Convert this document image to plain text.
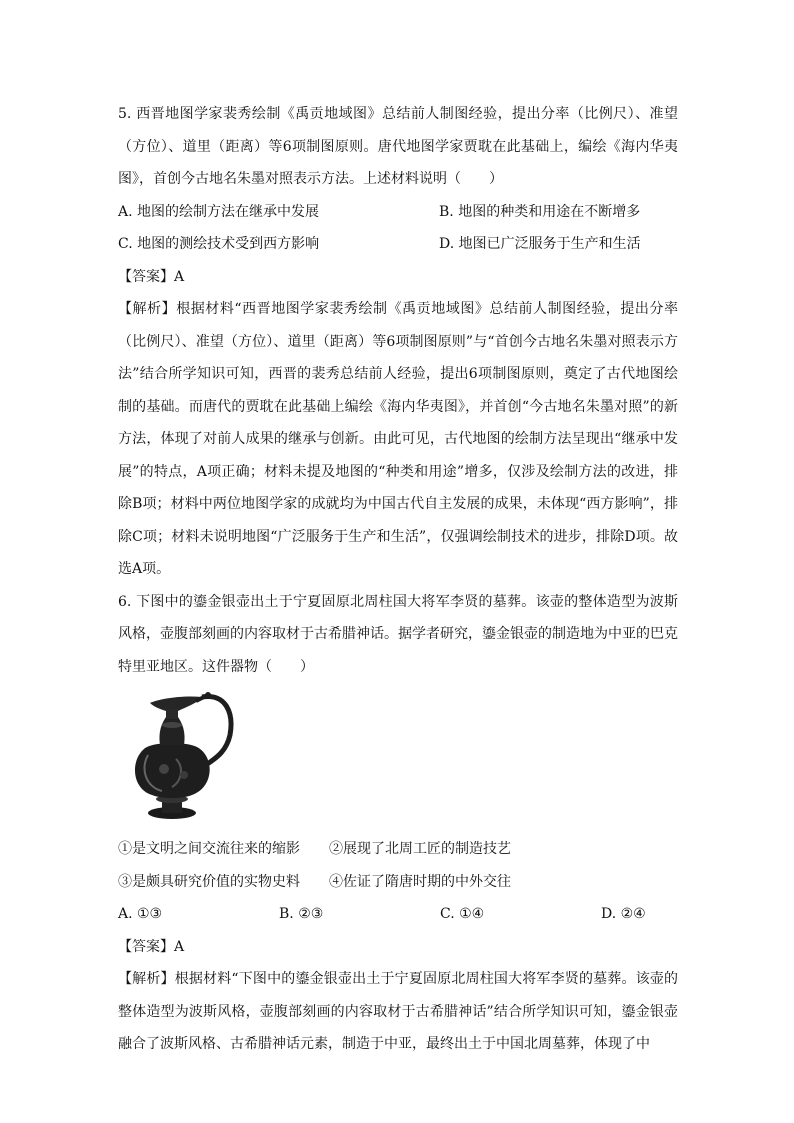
5. 西晋地图学家裴秀绘制《禹贡地域图》总结前人制图经验，提出分率（比例尺）、准望（方位）、道里（距离）等6项制图原则。唐代地图学家贾耽在此基础上，编绘《海内华夷图》，首创今古地名朱墨对照表示方法。上述材料说明（　　）

A. 地图的绘制方法在继承中发展	B. 地图的种类和用途在不断增多
C. 地图的测绘技术受到西方影响	D. 地图已广泛服务于生产和生活

【答案】A

【解析】根据材料“西晋地图学家裴秀绘制《禹贡地域图》总结前人制图经验，提出分率（比例尺）、准望（方位）、道里（距离）等6项制图原则”与“首创今古地名朱墨对照表示方法”结合所学知识可知，西晋的裴秀总结前人经验，提出6项制图原则，奠定了古代地图绘制的基础。而唐代的贾耽在此基础上编绘《海内华夷图》，并首创“今古地名朱墨对照”的新方法，体现了对前人成果的继承与创新。由此可见，古代地图的绘制方法呈现出“继承中发展”的特点，A项正确；材料未提及地图的“种类和用途”增多，仅涉及绘制方法的改进，排除B项；材料中两位地图学家的成就均为中国古代自主发展的成果，未体现“西方影响”，排除C项；材料未说明地图“广泛服务于生产和生活”，仅强调绘制技术的进步，排除D项。故选A项。

6. 下图中的鎏金银壶出土于宁夏固原北周柱国大将军李贤的墓葬。该壶的整体造型为波斯风格，壶腹部刻画的内容取材于古希腊神话。据学者研究，鎏金银壶的制造地为中亚的巴克特里亚地区。这件器物（　　）

①是文明之间交流往来的缩影	②展现了北周工匠的制造技艺
③是颇具研究价值的实物史料	④佐证了隋唐时期的中外交往
A. ①③	B. ②③	C. ①④	D. ②④

【答案】A

【解析】根据材料“下图中的鎏金银壶出土于宁夏固原北周柱国大将军李贤的墓葬。该壶的整体造型为波斯风格，壶腹部刻画的内容取材于古希腊神话”结合所学知识可知，鎏金银壶融合了波斯风格、古希腊神话元素，制造于中亚，最终出土于中国北周墓葬，体现了中
